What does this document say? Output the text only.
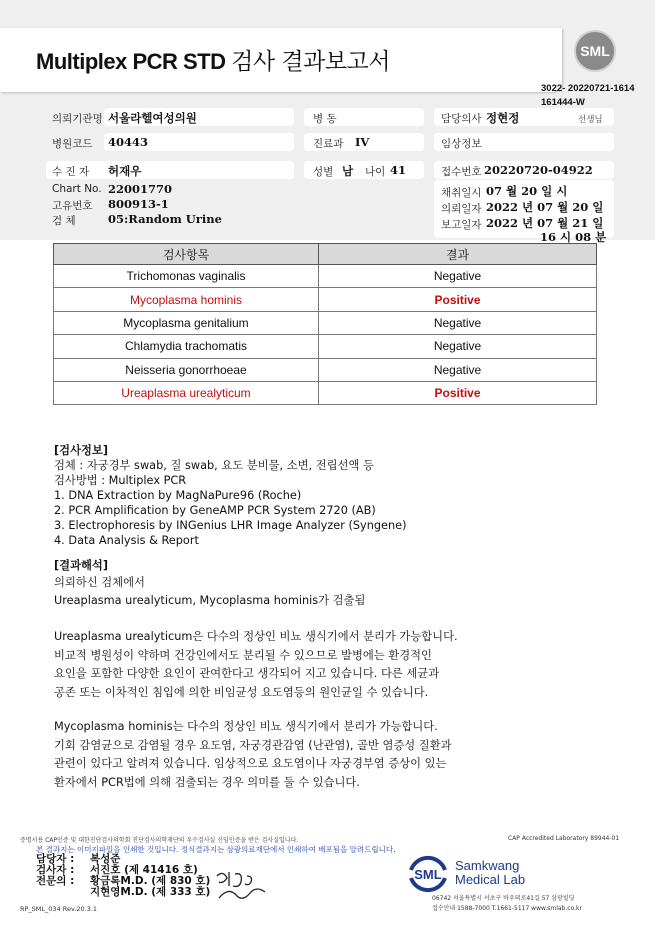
Multiplex PCR STD 검사 결과보고서	SML
3022- 20220721-1614
161444-W
의뢰기관명 서울라헬여성의원	병 동	담당의사 정현정	선생님
병원코드 40443	진료과 IV	임상정보
수 진 자 허재우	성별 남 나이 41	접수번호 20220720-04922
Chart No. 22001770
고유번호 800913-1
검 체	05:Random Urine
채취일시 07 월 20 일 시
의뢰일자 2022 년 07 월 20 일
보고일자 2022 년 07 월 21 일
16 시 08 분
검사항목	결과
Trichomonas vaginalis	Negative
Mycoplasma hominis	Positive
Mycoplasma genitalium	Negative
Chlamydia trachomatis	Negative
Neisseria gonorrhoeae	Negative
Ureaplasma urealyticum	Positive
[검사정보]
검체 : 자궁경부 swab, 질 swab, 요도 분비물, 소변, 전립선액 등
검사방법 : Multiplex PCR
1. DNA Extraction by MagNaPure96 (Roche)
2. PCR Amplification by GeneAMP PCR System 2720 (AB)
3. Electrophoresis by INGenius LHR Image Analyzer (Syngene)
4. Data Analysis & Report
[결과해석]
의뢰하신 검체에서
Ureaplasma urealyticum, Mycoplasma hominis가 검출됨
Ureaplasma urealyticum은 다수의 정상인 비뇨 생식기에서 분리가 가능합니다.
비교적 병원성이 약하며 건강인에서도 분리될 수 있으므로 발병에는 환경적인
요인을 포함한 다양한 요인이 관여한다고 생각되어 지고 있습니다. 다른 세균과
공존 또는 이차적인 침입에 의한 비임균성 요도염등의 원인균일 수 있습니다.
Mycoplasma hominis는 다수의 정상인 비뇨 생식기에서 분리가 가능합니다.
기회 감염균으로 감염될 경우 요도염, 자궁경관감염 (난관염), 골반 염증성 질환과
관련이 있다고 알려져 있습니다. 임상적으로 요도염이나 자궁경부염 증상이 있는
환자에서 PCR법에 의해 검출되는 경우 의미를 둘 수 있습니다.
증명서용 CAP인증 및 대한진단검사의학회 진단검사의학재단의 우수검사실 신임인증을 받은 검사실입니다.	CAP Accredited Laboratory 89944-01
본 결과지는 이미지파일을 인쇄한 것입니다. 정식결과지는 삼광의료재단에서 인쇄하여 배포됨을 알려드립니다.
담당자 : 복성준
검사자 : 서진호 (제 41416 호)
전문의 : 황금록M.D. (제 830 호)
지현영M.D. (제 333 호)
SML
Samkwang
Medical Lab
06742 서울특별시 서초구 바우뫼로41길 57 삼광빌딩
접수안내 1588-7000 T.1661-5117 www.smlab.co.kr
RP_SML_034 Rev.20.3.1
